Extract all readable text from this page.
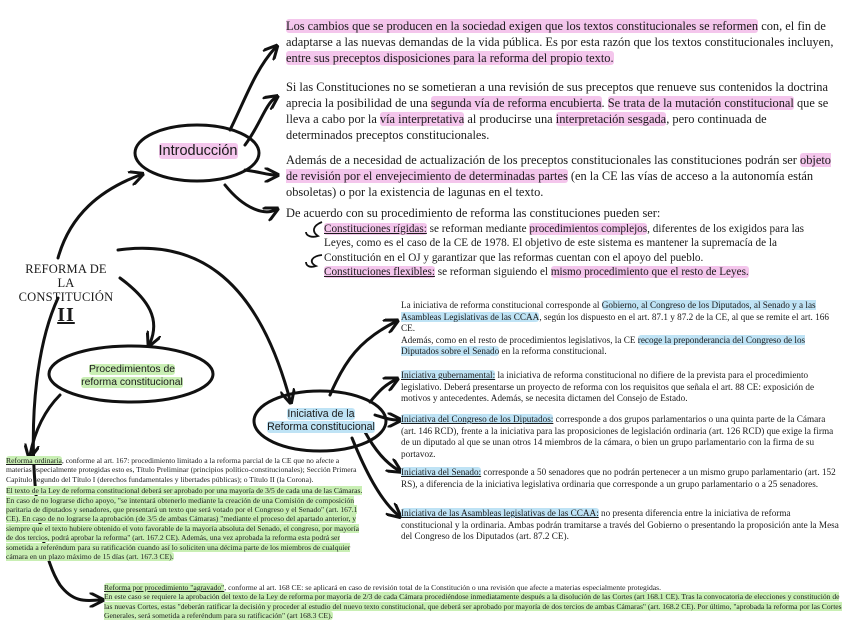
REFORMA DE
LA CONSTITUCIÓN
II
Introducción
Los cambios que se producen en la sociedad exigen que los textos constitucionales se reformen con, el fin de adaptarse a las nuevas demandas de la vida pública. Es por esta razón que los textos constitucionales incluyen, entre sus preceptos disposiciones para la reforma del propio texto.
Si las Constituciones no se sometieran a una revisión de sus preceptos que renueve sus contenidos la doctrina aprecia la posibilidad de una segunda vía de reforma encubierta. Se trata de la mutación constitucional que se lleva a cabo por la vía interpretativa al producirse una interpretación sesgada, pero continuada de determinados preceptos constitucionales.
Además de a necesidad de actualización de los preceptos constitucionales las constituciones podrán ser objeto de revisión por el envejecimiento de determinadas partes (en la CE las vías de acceso a la autonomía están obsoletas) o por la existencia de lagunas en el texto.
De acuerdo con su procedimiento de reforma las constituciones pueden ser:
Constituciones rígidas: se reforman mediante procedimientos complejos, diferentes de los exigidos para las Leyes, como es el caso de la CE de 1978. El objetivo de este sistema es mantener la supremacía de la Constitución en el OJ y garantizar que las reformas cuentan con el apoyo del pueblo.
Constituciones flexibles: se reforman siguiendo el mismo procedimiento que el resto de Leyes.
Procedimientos de
reforma constitucional
Iniciativa de la
Reforma constitucional
La iniciativa de reforma constitucional corresponde al Gobierno, al Congreso de los Diputados, al Senado y a las Asambleas Legislativas de las CCAA, según los dispuesto en el art. 87.1 y 87.2 de la CE, al que se remite el art. 166 CE.
Además, como en el resto de procedimientos legislativos, la CE recoge la preponderancia del Congreso de los Diputados sobre el Senado en la reforma constitucional.
Iniciativa gubernamental: la iniciativa de reforma constitucional no difiere de la prevista para el procedimiento legislativo. Deberá presentarse un proyecto de reforma con los requisitos que señala el art. 88 CE: exposición de motivos y antecedentes. Además, se necesita dictamen del Consejo de Estado.
Iniciativa del Congreso de los Diputados: corresponde a dos grupos parlamentarios o una quinta parte de la Cámara (art. 146 RCD), frente a la iniciativa para las proposiciones de legislación ordinaria (art. 126 RCD) que exige la firma de un diputado al que se unan otros 14 miembros de la cámara, o bien un grupo parlamentario con la firma de su portavoz.
Iniciativa del Senado: corresponde a 50 senadores que no podrán pertenecer a un mismo grupo parlamentario (art. 152 RS), a diferencia de la iniciativa legislativa ordinaria que corresponde a un grupo parlamentario o a 25 senadores.
Iniciativa de las Asambleas legislativas de las CCAA: no presenta diferencia entre la iniciativa de reforma constitucional y la ordinaria. Ambas podrán tramitarse a través del Gobierno o presentando la proposición ante la Mesa del Congreso de los Diputados (art. 87.2 CE).
Reforma ordinaria, conforme al art. 167: procedimiento limitado a la reforma parcial de la CE que no afecte a materias especialmente protegidas esto es, Título Preliminar (principios político-constitucionales); Sección Primera Capítulo segundo del Título I (derechos fundamentales y libertades públicas); o Título II (la Corona).
El texto de la Ley de reforma constitucional deberá ser aprobado por una mayoría de 3/5 de cada una de las Cámaras. En caso de no lograrse dicho apoyo, "se intentará obtenerlo mediante la creación de una Comisión de composición paritaria de diputados y senadores, que presentará un texto que será votado por el Congreso y el Senado" (art. 167.1 CE). En caso de no lograrse la aprobación (de 3/5 de ambas Cámaras) "mediante el proceso del apartado anterior, y siempre que el texto hubiere obtenido el voto favorable de la mayoría absoluta del Senado, el congreso, por mayoría de dos tercios, podrá aprobar la reforma" (art. 167.2 CE). Además, una vez aprobada la reforma esta podrá ser sometida a referéndum para su ratificación cuando así lo soliciten una décima parte de los miembros de cualquier cámara en un plazo máximo de 15 días (art. 167.3 CE).
Reforma por procedimiento "agravado", conforme al art. 168 CE: se aplicará en caso de revisión total de la Constitución o una revisión que afecte a materias especialmente protegidas.
En este caso se requiere la aprobación del texto de la Ley de reforma por mayoría de 2/3 de cada Cámara procediéndose inmediatamente después a la disolución de las Cortes (art 168.1 CE). Tras la convocatoria de elecciones y constitución de las nuevas Cortes, estas "deberán ratificar la decisión y proceder al estudio del nuevo texto constitucional, que deberá ser aprobado por mayoría de dos tercios de ambas Cámaras" (art. 168.2 CE). Por último, "aprobada la reforma por las Cortes Generales, será sometida a referéndum para su ratificación" (art 168.3 CE).
